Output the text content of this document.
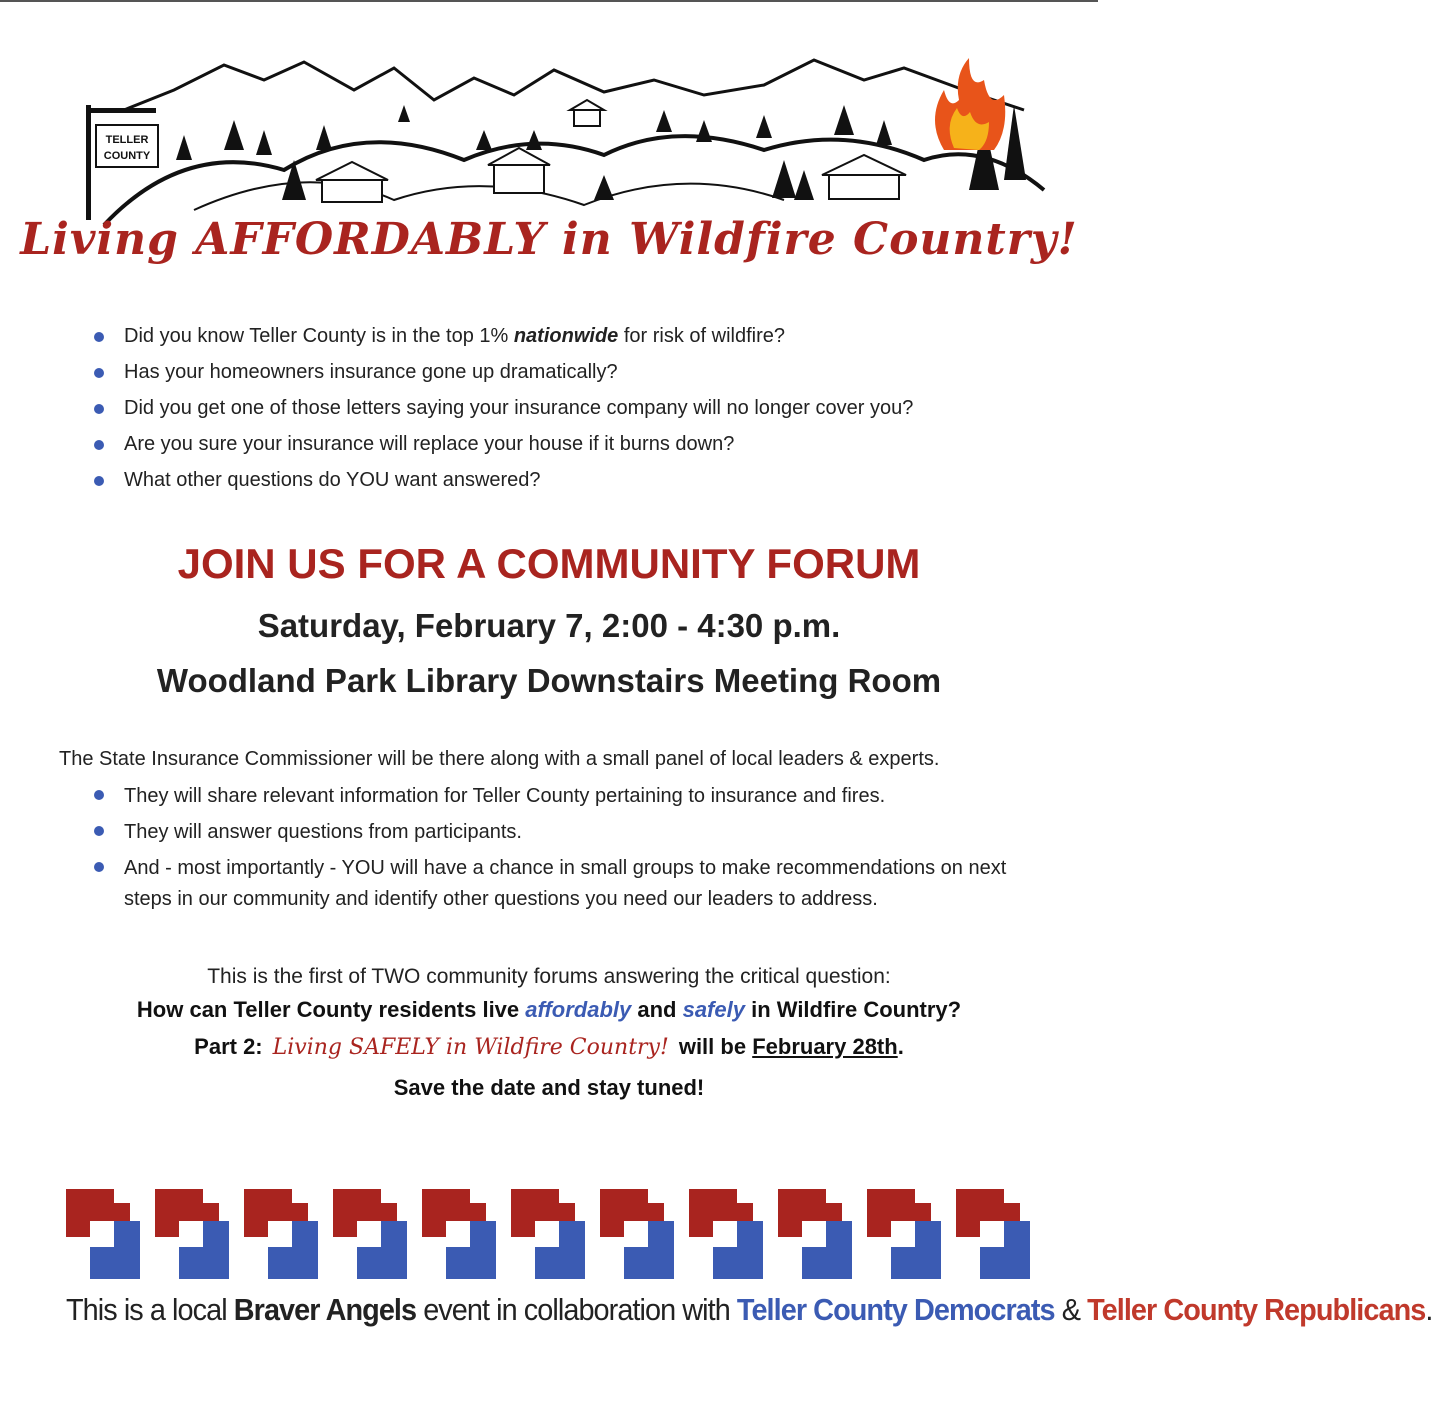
TELLER
COUNTY
Living AFFORDABLY in Wildfire Country!
Did you know Teller County is in the top 1% nationwide for risk of wildfire?
Has your homeowners insurance gone up dramatically?
Did you get one of those letters saying your insurance company will no longer cover you?
Are you sure your insurance will replace your house if it burns down?
What other questions do YOU want answered?
JOIN US FOR A COMMUNITY FORUM
Saturday, February 7, 2:00 - 4:30 p.m.
Woodland Park Library Downstairs Meeting Room
The State Insurance Commissioner will be there along with a small panel of local leaders & experts.
They will share relevant information for Teller County pertaining to insurance and fires.
They will answer questions from participants.
And - most importantly - YOU will have a chance in small groups to make recommendations on next steps in our community and identify other questions you need our leaders to address.
This is the first of TWO community forums answering the critical question:
How can Teller County residents live affordably and safely in Wildfire Country?
Part 2: Living SAFELY in Wildfire Country! will be February 28th.
Save the date and stay tuned!
This is a local Braver Angels event in collaboration with Teller County Democrats & Teller County Republicans.
